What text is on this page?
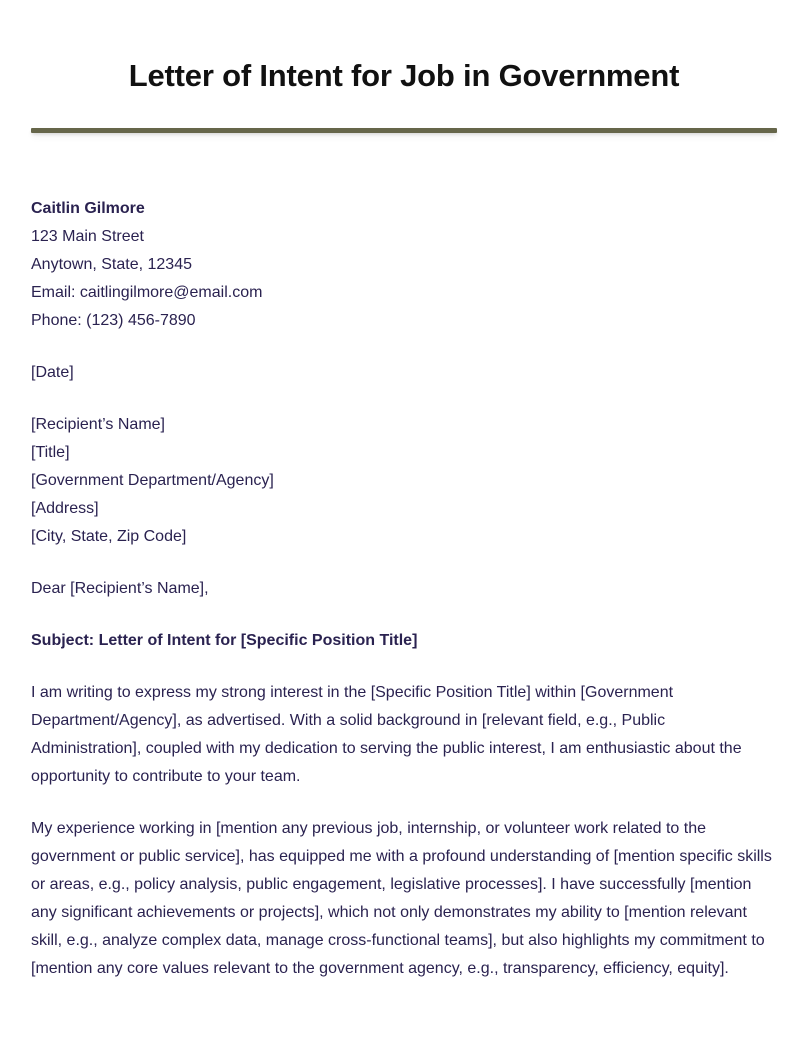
Letter of Intent for Job in Government
Caitlin Gilmore
123 Main Street
Anytown, State, 12345
Email: caitlingilmore@email.com
Phone: (123) 456-7890
[Date]
[Recipient’s Name]
[Title]
[Government Department/Agency]
[Address]
[City, State, Zip Code]
Dear [Recipient’s Name],
Subject: Letter of Intent for [Specific Position Title]

I am writing to express my strong interest in the [Specific Position Title] within [Government Department/Agency], as advertised. With a solid background in [relevant field, e.g., Public Administration], coupled with my dedication to serving the public interest, I am enthusiastic about the opportunity to contribute to your team.

My experience working in [mention any previous job, internship, or volunteer work related to the government or public service], has equipped me with a profound understanding of [mention specific skills or areas, e.g., policy analysis, public engagement, legislative processes]. I have successfully [mention any significant achievements or projects], which not only demonstrates my ability to [mention relevant skill, e.g., analyze complex data, manage cross-functional teams], but also highlights my commitment to [mention any core values relevant to the government agency, e.g., transparency, efficiency, equity].
